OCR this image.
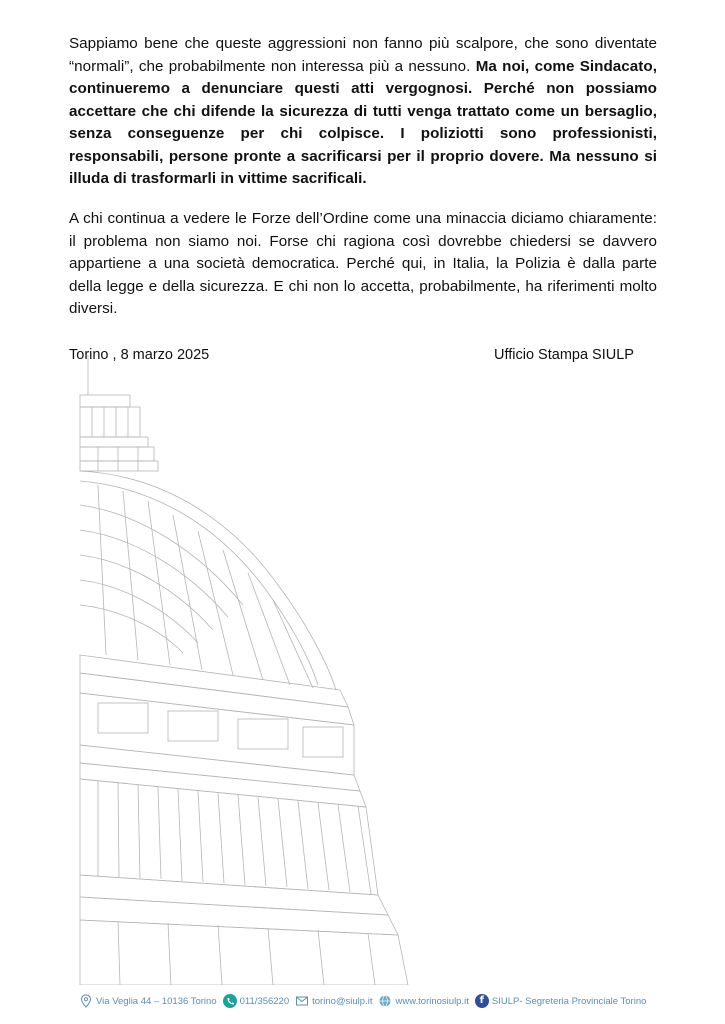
Sappiamo bene che queste aggressioni non fanno più scalpore, che sono diventate “normali”, che probabilmente non interessa più a nessuno. Ma noi, come Sindacato, continueremo a denunciare questi atti vergognosi. Perché non possiamo accettare che chi difende la sicurezza di tutti venga trattato come un bersaglio, senza conseguenze per chi colpisce. I poliziotti sono professionisti, responsabili, persone pronte a sacrificarsi per il proprio dovere. Ma nessuno si illuda di trasformarli in vittime sacrificali.
A chi continua a vedere le Forze dell’Ordine come una minaccia diciamo chiaramente: il problema non siamo noi. Forse chi ragiona così dovrebbe chiedersi se davvero appartiene a una società democratica. Perché qui, in Italia, la Polizia è dalla parte della legge e della sicurezza. E chi non lo accetta, probabilmente, ha riferimenti molto diversi.
Torino , 8 marzo 2025	Ufficio Stampa SIULP
Via Veglia 44 – 10136 Torino 011/356220 torino@siulp.it www.torinosiulp.it	f SIULP- Segreteria Provinciale Torino
